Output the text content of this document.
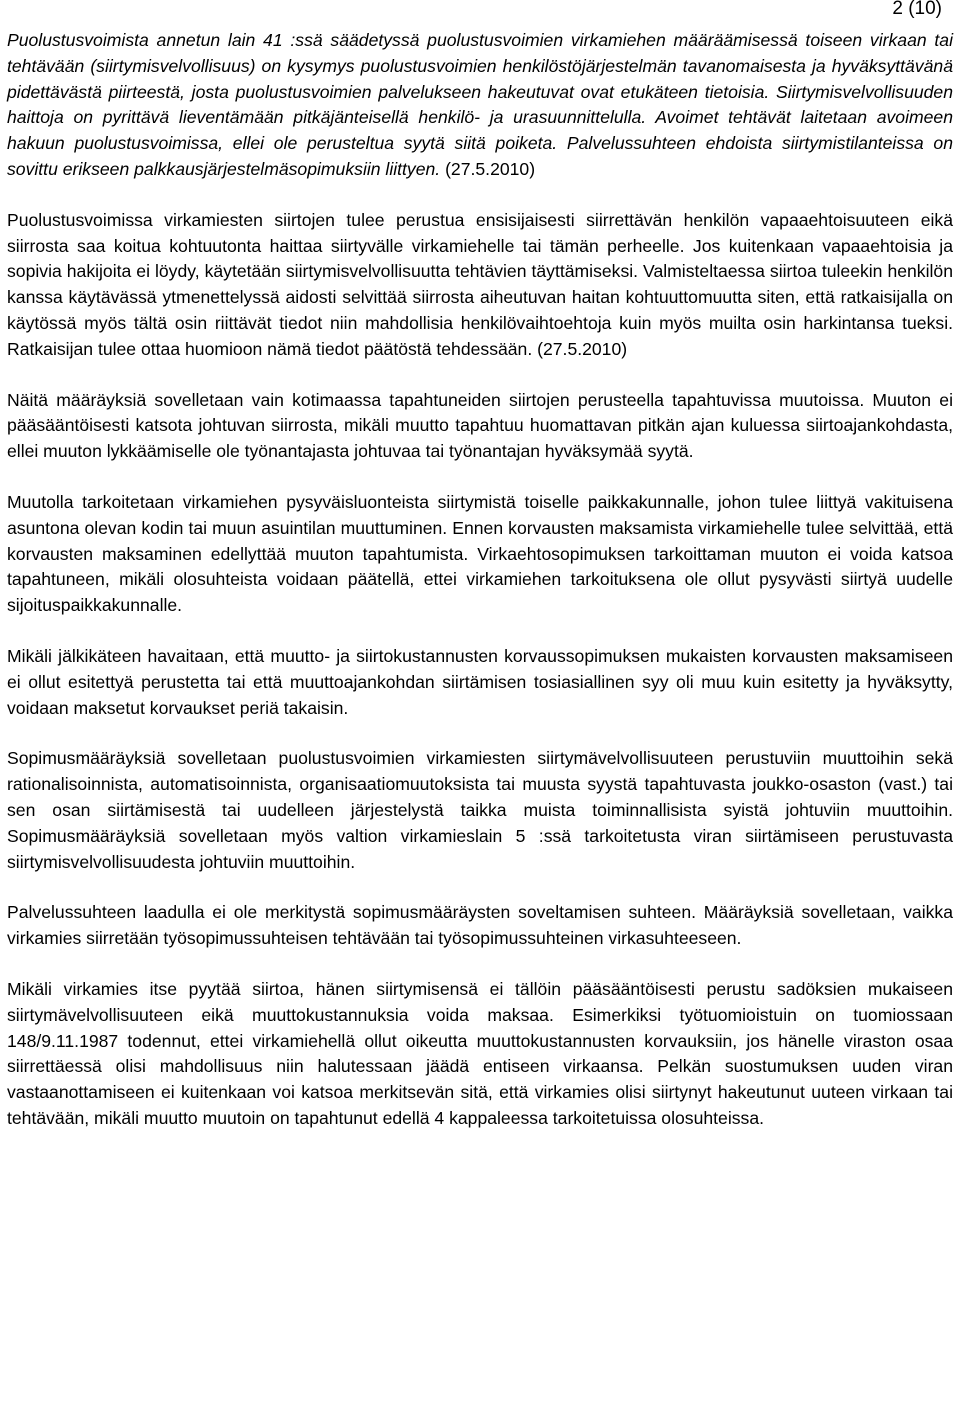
2 (10)

Puolustusvoimista annetun lain 41 :ssä säädetyssä puolustusvoimien virkamiehen määräämisessä toiseen virkaan tai tehtävään (siirtymisvelvollisuus) on kysymys puolustusvoimien henkilöstöjärjestelmän tavanomaisesta ja hyväksyttävänä pidettävästä piirteestä, josta puolustusvoimien palvelukseen hakeutuvat ovat etukäteen tietoisia. Siirtymisvelvollisuuden haittoja on pyrittävä lieventämään pitkäjänteisellä henkilö- ja urasuunnittelulla. Avoimet tehtävät laitetaan avoimeen hakuun puolustusvoimissa, ellei ole perusteltua syytä siitä poiketa. Palvelussuhteen ehdoista siirtymistilanteissa on sovittu erikseen palkkausjärjestelmäsopimuksiin liittyen. (27.5.2010)

Puolustusvoimissa virkamiesten siirtojen tulee perustua ensisijaisesti siirrettävän henkilön vapaaehtoisuuteen eikä siirrosta saa koitua kohtuutonta haittaa siirtyvälle virkamiehelle tai tämän perheelle. Jos kuitenkaan vapaaehtoisia ja sopivia hakijoita ei löydy, käytetään siirtymisvelvollisuutta tehtävien täyttämiseksi. Valmisteltaessa siirtoa tuleekin henkilön kanssa käytävässä ytmenettelyssä aidosti selvittää siirrosta aiheutuvan haitan kohtuuttomuutta siten, että ratkaisijalla on käytössä myös tältä osin riittävät tiedot niin mahdollisia henkilövaihtoehtoja kuin myös muilta osin harkintansa tueksi. Ratkaisijan tulee ottaa huomioon nämä tiedot päätöstä tehdessään. (27.5.2010)

Näitä määräyksiä sovelletaan vain kotimaassa tapahtuneiden siirtojen perusteella tapahtuvissa muutoissa. Muuton ei pääsääntöisesti katsota johtuvan siirrosta, mikäli muutto tapahtuu huomattavan pitkän ajan kuluessa siirtoajankohdasta, ellei muuton lykkäämiselle ole työnantajasta johtuvaa tai työnantajan hyväksymää syytä.

Muutolla tarkoitetaan virkamiehen pysyväisluonteista siirtymistä toiselle paikkakunnalle, johon tulee liittyä vakituisena asuntona olevan kodin tai muun asuintilan muuttuminen. Ennen korvausten maksamista virkamiehelle tulee selvittää, että korvausten maksaminen edellyttää muuton tapahtumista. Virkaehtosopimuksen tarkoittaman muuton ei voida katsoa tapahtuneen, mikäli olosuhteista voidaan päätellä, ettei virkamiehen tarkoituksena ole ollut pysyvästi siirtyä uudelle sijoituspaikkakunnalle.

Mikäli jälkikäteen havaitaan, että muutto- ja siirtokustannusten korvaussopimuksen mukaisten korvausten maksamiseen ei ollut esitettyä perustetta tai että muuttoajankohdan siirtämisen tosiasiallinen syy oli muu kuin esitetty ja hyväksytty, voidaan maksetut korvaukset periä takaisin.

Sopimusmääräyksiä sovelletaan puolustusvoimien virkamiesten siirtymävelvollisuuteen perustuviin muuttoihin sekä rationalisoinnista, automatisoinnista, organisaatiomuutoksista tai muusta syystä tapahtuvasta joukko-osaston (vast.) tai sen osan siirtämisestä tai uudelleen järjestelystä taikka muista toiminnallisista syistä johtuviin muuttoihin. Sopimusmääräyksiä sovelletaan myös valtion virkamieslain 5 :ssä tarkoitetusta viran siirtämiseen perustuvasta siirtymisvelvollisuudesta johtuviin muuttoihin.

Palvelussuhteen laadulla ei ole merkitystä sopimusmääräysten soveltamisen suhteen. Määräyksiä sovelletaan, vaikka virkamies siirretään työsopimussuhteisen tehtävään tai työsopimussuhteinen virkasuhteeseen.

Mikäli virkamies itse pyytää siirtoa, hänen siirtymisensä ei tällöin pääsääntöisesti perustu sadöksien mukaiseen siirtymävelvollisuuteen eikä muuttokustannuksia voida maksaa. Esimerkiksi työtuomioistuin on tuomiossaan 148/9.11.1987 todennut, ettei virkamiehellä ollut oikeutta muuttokustannusten korvauksiin, jos hänelle viraston osaa siirrettäessä olisi mahdollisuus niin halutessaan jäädä entiseen virkaansa. Pelkän suostumuksen uuden viran vastaanottamiseen ei kuitenkaan voi katsoa merkitsevän sitä, että virkamies olisi siirtynyt hakeutunut uuteen virkaan tai tehtävään, mikäli muutto muutoin on tapahtunut edellä 4 kappaleessa tarkoitetuissa olosuhteissa.
